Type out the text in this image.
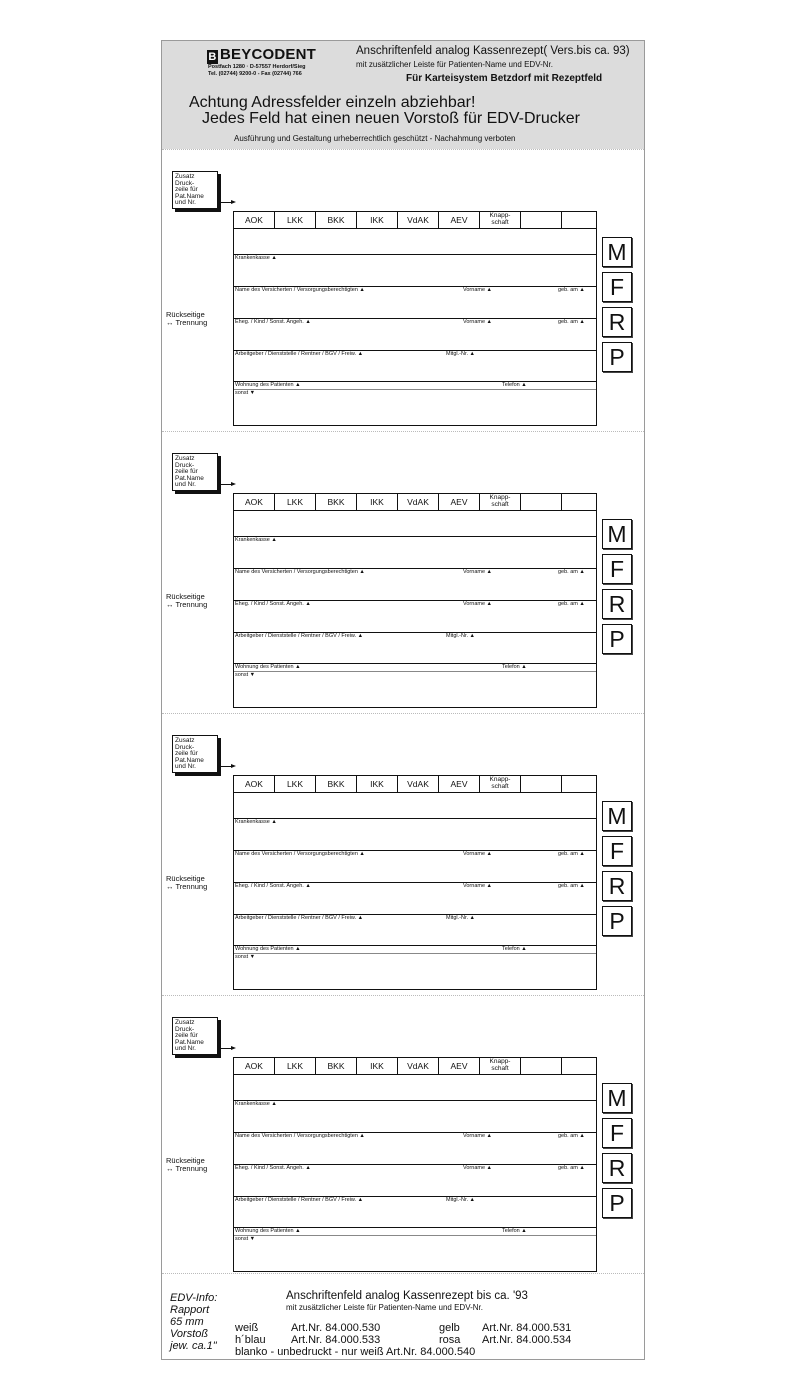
B BEYCODENT
Postfach 1280 · D-57557 Herdorf/Sieg
Tel. (02744) 9200-0 - Fax (02744) 766
Anschriftenfeld analog Kassenrezept( Vers.bis ca. 93)
mit zusätzlicher Leiste für Patienten-Name und EDV-Nr.
Für Karteisystem Betzdorf mit Rezeptfeld
Achtung Adressfelder einzeln abziehbar!
Jedes Feld hat einen neuen Vorstoß für EDV-Drucker
Ausführung und Gestaltung urheberrechtlich geschützt - Nachahmung verboten
Zusatz
Druck-
zeile für
Pat.Name
und Nr.
Rückseitige
↔ Trennung
AOK	LKK	BKK	IKK	VdAK	AEV	Knapp-
schaft
Krankenkasse ▲
Name des Versicherten / Versorgungsberechtigten ▲	Vorname ▲	geb. am ▲
Eheg. / Kind / Sonst. Angeh. ▲	Vorname ▲	geb. am ▲
Arbeitgeber / Dienststelle / Rentner / BGV / Freiw. ▲	Mitgl.-Nr. ▲
Wohnung des Patienten ▲	Telefon ▲
sonst ▼
M
F
R
P
Zusatz
Druck-
zeile für
Pat.Name
und Nr.
Rückseitige
↔ Trennung
AOK	LKK	BKK	IKK	VdAK	AEV	Knapp-
schaft
Krankenkasse ▲
Name des Versicherten / Versorgungsberechtigten ▲	Vorname ▲	geb. am ▲
Eheg. / Kind / Sonst. Angeh. ▲	Vorname ▲	geb. am ▲
Arbeitgeber / Dienststelle / Rentner / BGV / Freiw. ▲	Mitgl.-Nr. ▲
Wohnung des Patienten ▲	Telefon ▲
sonst ▼
M
F
R
P
Zusatz
Druck-
zeile für
Pat.Name
und Nr.
Rückseitige
↔ Trennung
AOK	LKK	BKK	IKK	VdAK	AEV	Knapp-
schaft
Krankenkasse ▲
Name des Versicherten / Versorgungsberechtigten ▲	Vorname ▲	geb. am ▲
Eheg. / Kind / Sonst. Angeh. ▲	Vorname ▲	geb. am ▲
Arbeitgeber / Dienststelle / Rentner / BGV / Freiw. ▲	Mitgl.-Nr. ▲
Wohnung des Patienten ▲	Telefon ▲
sonst ▼
M
F
R
P
Zusatz
Druck-
zeile für
Pat.Name
und Nr.
Rückseitige
↔ Trennung
AOK	LKK	BKK	IKK	VdAK	AEV	Knapp-
schaft
Krankenkasse ▲
Name des Versicherten / Versorgungsberechtigten ▲	Vorname ▲	geb. am ▲
Eheg. / Kind / Sonst. Angeh. ▲	Vorname ▲	geb. am ▲
Arbeitgeber / Dienststelle / Rentner / BGV / Freiw. ▲	Mitgl.-Nr. ▲
Wohnung des Patienten ▲	Telefon ▲
sonst ▼
M
F
R
P
EDV-Info:
Rapport
65 mm
Vorstoß
jew. ca.1"
Anschriftenfeld analog Kassenrezept bis ca. '93
mit zusätzlicher Leiste für Patienten-Name und EDV-Nr.
weiß	Art.Nr. 84.000.530	gelb Art.Nr. 84.000.531
h´blau Art.Nr. 84.000.533	rosa Art.Nr. 84.000.534
blanko - unbedruckt - nur weiß Art.Nr. 84.000.540
